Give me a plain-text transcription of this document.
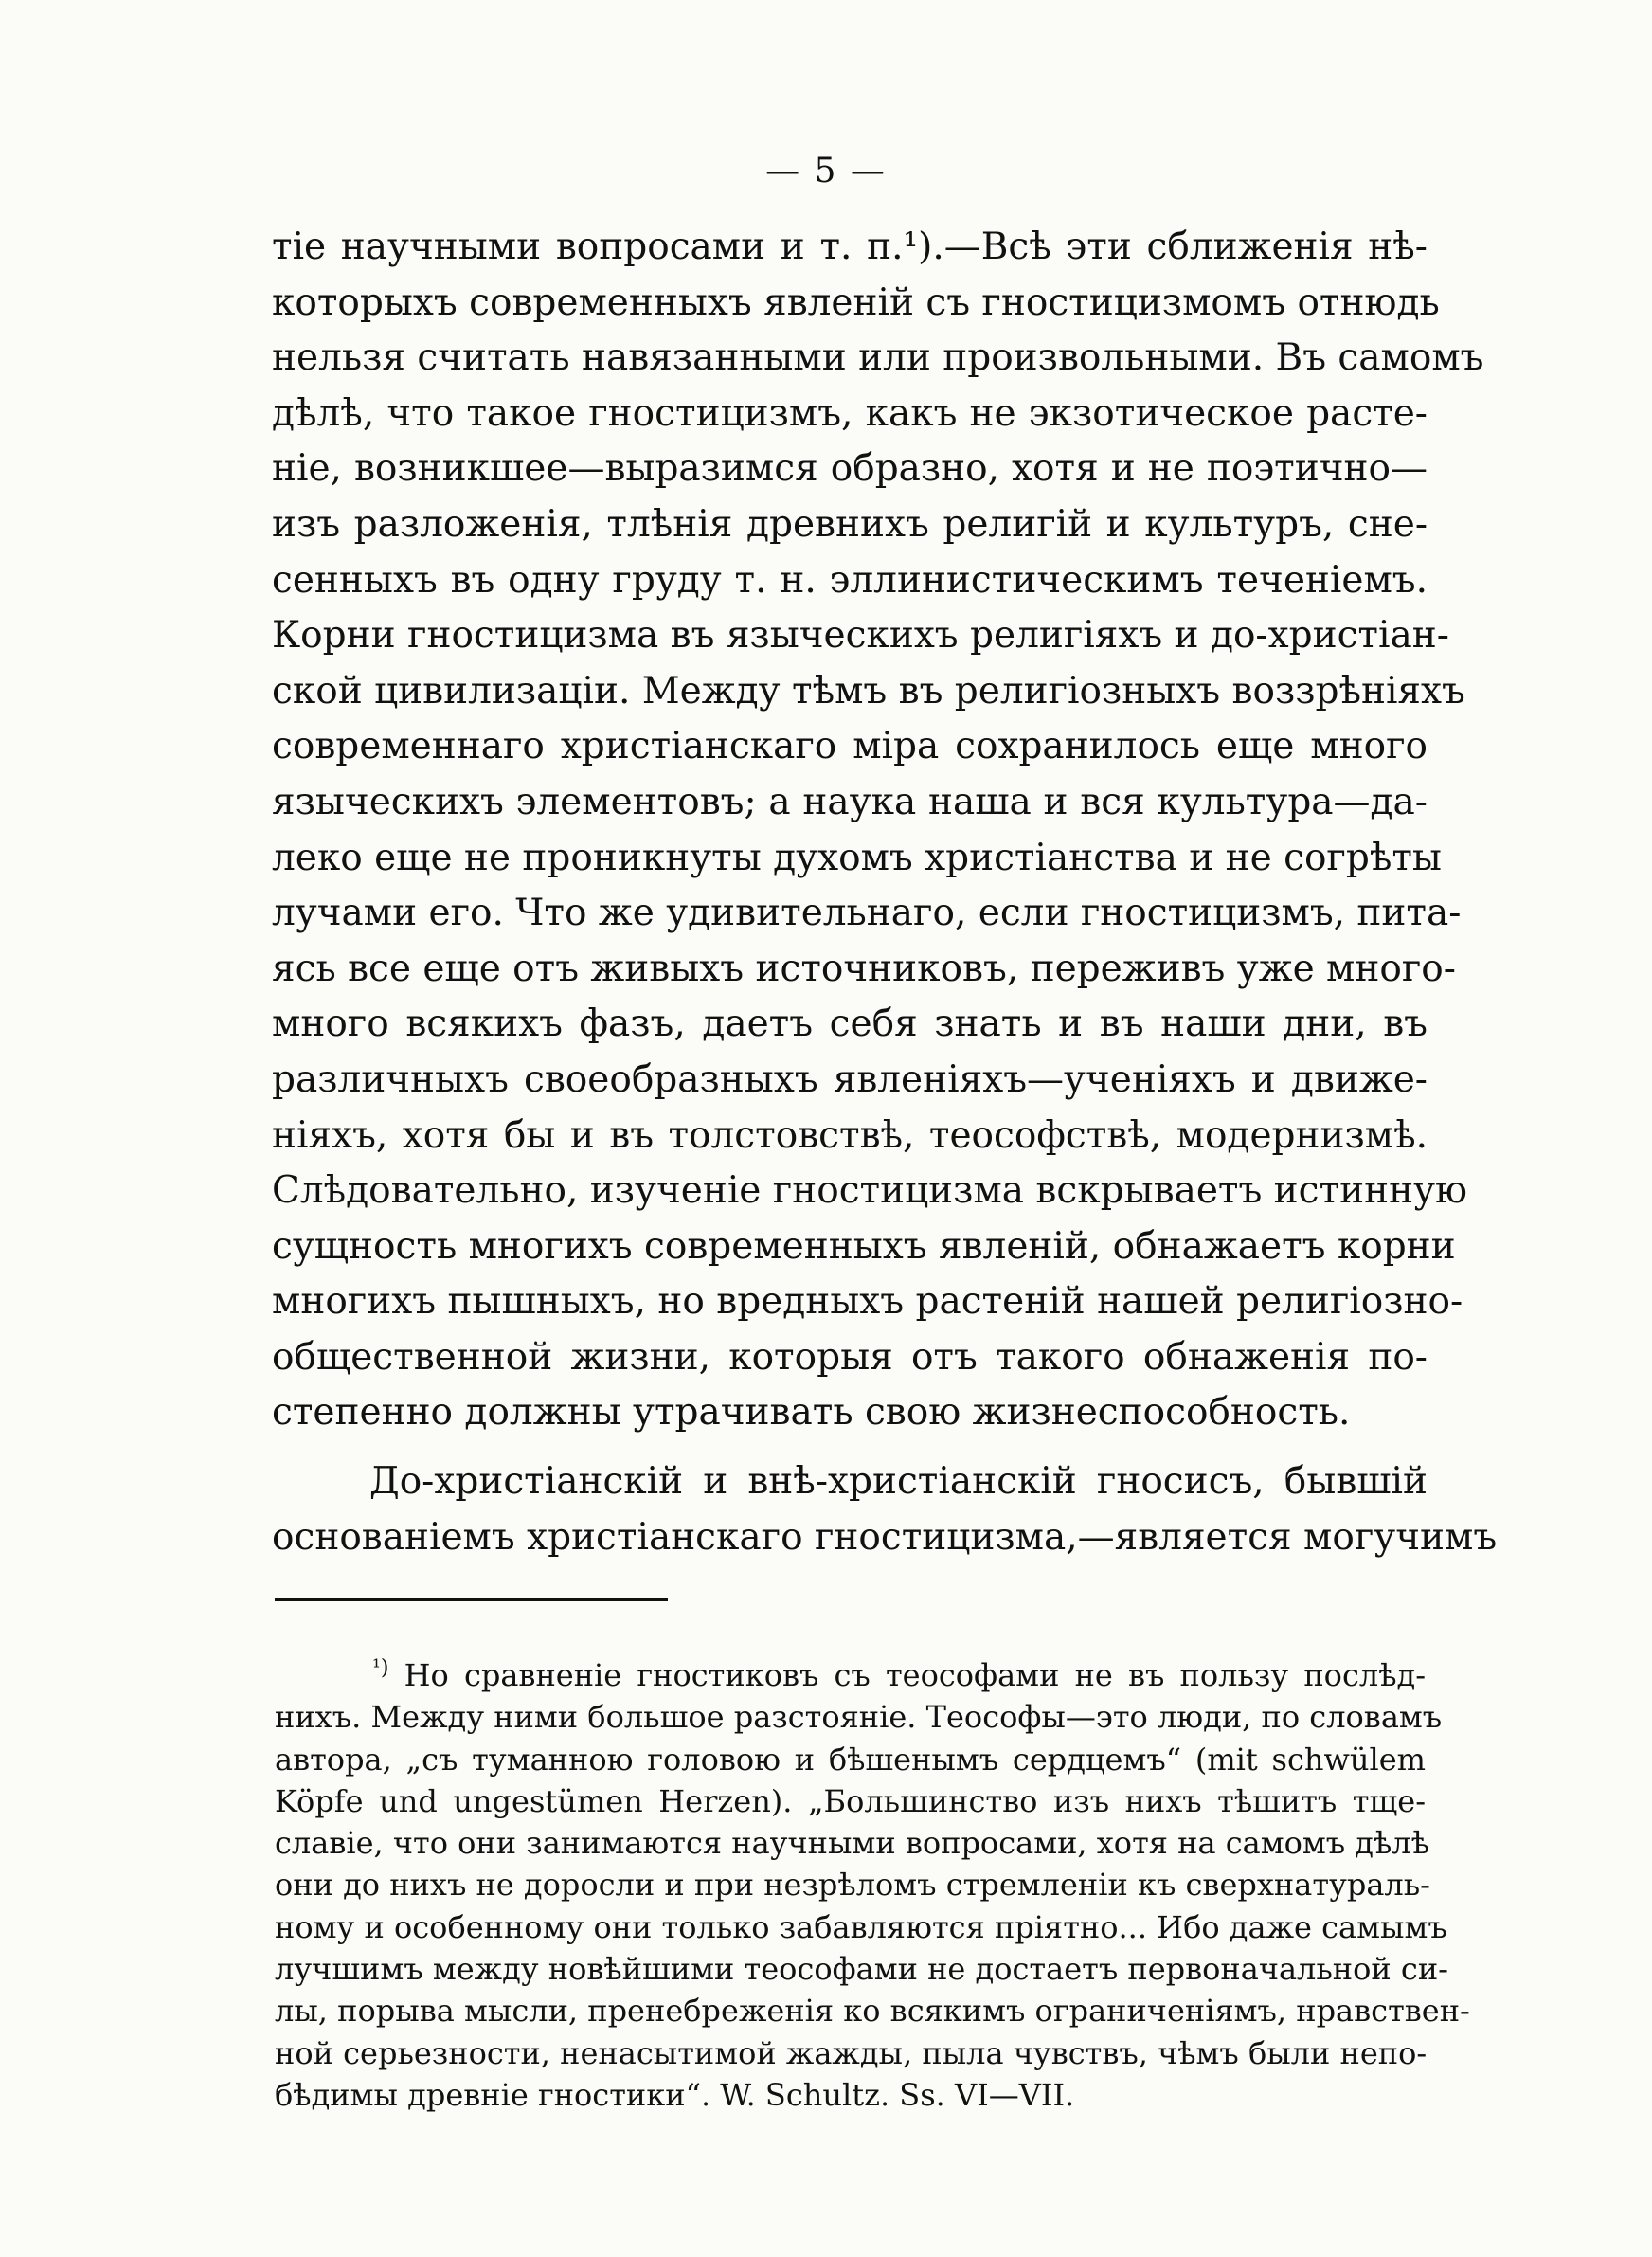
— 5 —
тіе научными вопросами и т. п.¹).—Всѣ эти сближенія нѣ-
которыхъ современныхъ явленій съ гностицизмомъ отнюдь
нельзя считать навязанными или произвольными. Въ самомъ
дѣлѣ, что такое гностицизмъ, какъ не экзотическое расте-
ніе, возникшее—выразимся образно, хотя и не поэтично—
изъ разложенія, тлѣнія древнихъ религій и культуръ, сне-
сенныхъ въ одну груду т. н. эллинистическимъ теченіемъ.
Корни гностицизма въ языческихъ религіяхъ и до-христіан-
ской цивилизаціи. Между тѣмъ въ религіозныхъ воззрѣніяхъ
современнаго христіанскаго міра сохранилось еще много
языческихъ элементовъ; а наука наша и вся культура—да-
леко еще не проникнуты духомъ христіанства и не согрѣты
лучами его. Что же удивительнаго, если гностицизмъ, пита-
ясь все еще отъ живыхъ источниковъ, переживъ уже много-
много всякихъ фазъ, даетъ себя знать и въ наши дни, въ
различныхъ своеобразныхъ явленіяхъ—ученіяхъ и движе-
ніяхъ, хотя бы и въ толстовствѣ, теософствѣ, модернизмѣ.
Слѣдовательно, изученіе гностицизма вскрываетъ истинную
сущность многихъ современныхъ явленій, обнажаетъ корни
многихъ пышныхъ, но вредныхъ растеній нашей религіозно-
общественной жизни, которыя отъ такого обнаженія по-
степенно должны утрачивать свою жизнеспособность.
До-христіанскій и внѣ-христіанскій гносисъ, бывшій
основаніемъ христіанскаго гностицизма,—является могучимъ
$^{^1)}$ Но сравненіе гностиковъ съ теософами не въ пользу послѣд-
нихъ. Между ними большое разстояніе. Теософы—это люди, по словамъ
автора, „съ туманною головою и бѣшенымъ сердцемъ“ (mit schwülem
Köpfe und ungestümen Herzen). „Большинство изъ нихъ тѣшитъ тще-
славіе, что они занимаются научными вопросами, хотя на самомъ дѣлѣ
они до нихъ не доросли и при незрѣломъ стремленіи къ сверхнатураль-
ному и особенному они только забавляются пріятно... Ибо даже самымъ
лучшимъ между новѣйшими теософами не достаетъ первоначальной си-
лы, порыва мысли, пренебреженія ко всякимъ ограниченіямъ, нравствен-
ной серьезности, ненасытимой жажды, пыла чувствъ, чѣмъ были непо-
бѣдимы древніе гностики“. W. Schultz. Ss. VI—VII.
